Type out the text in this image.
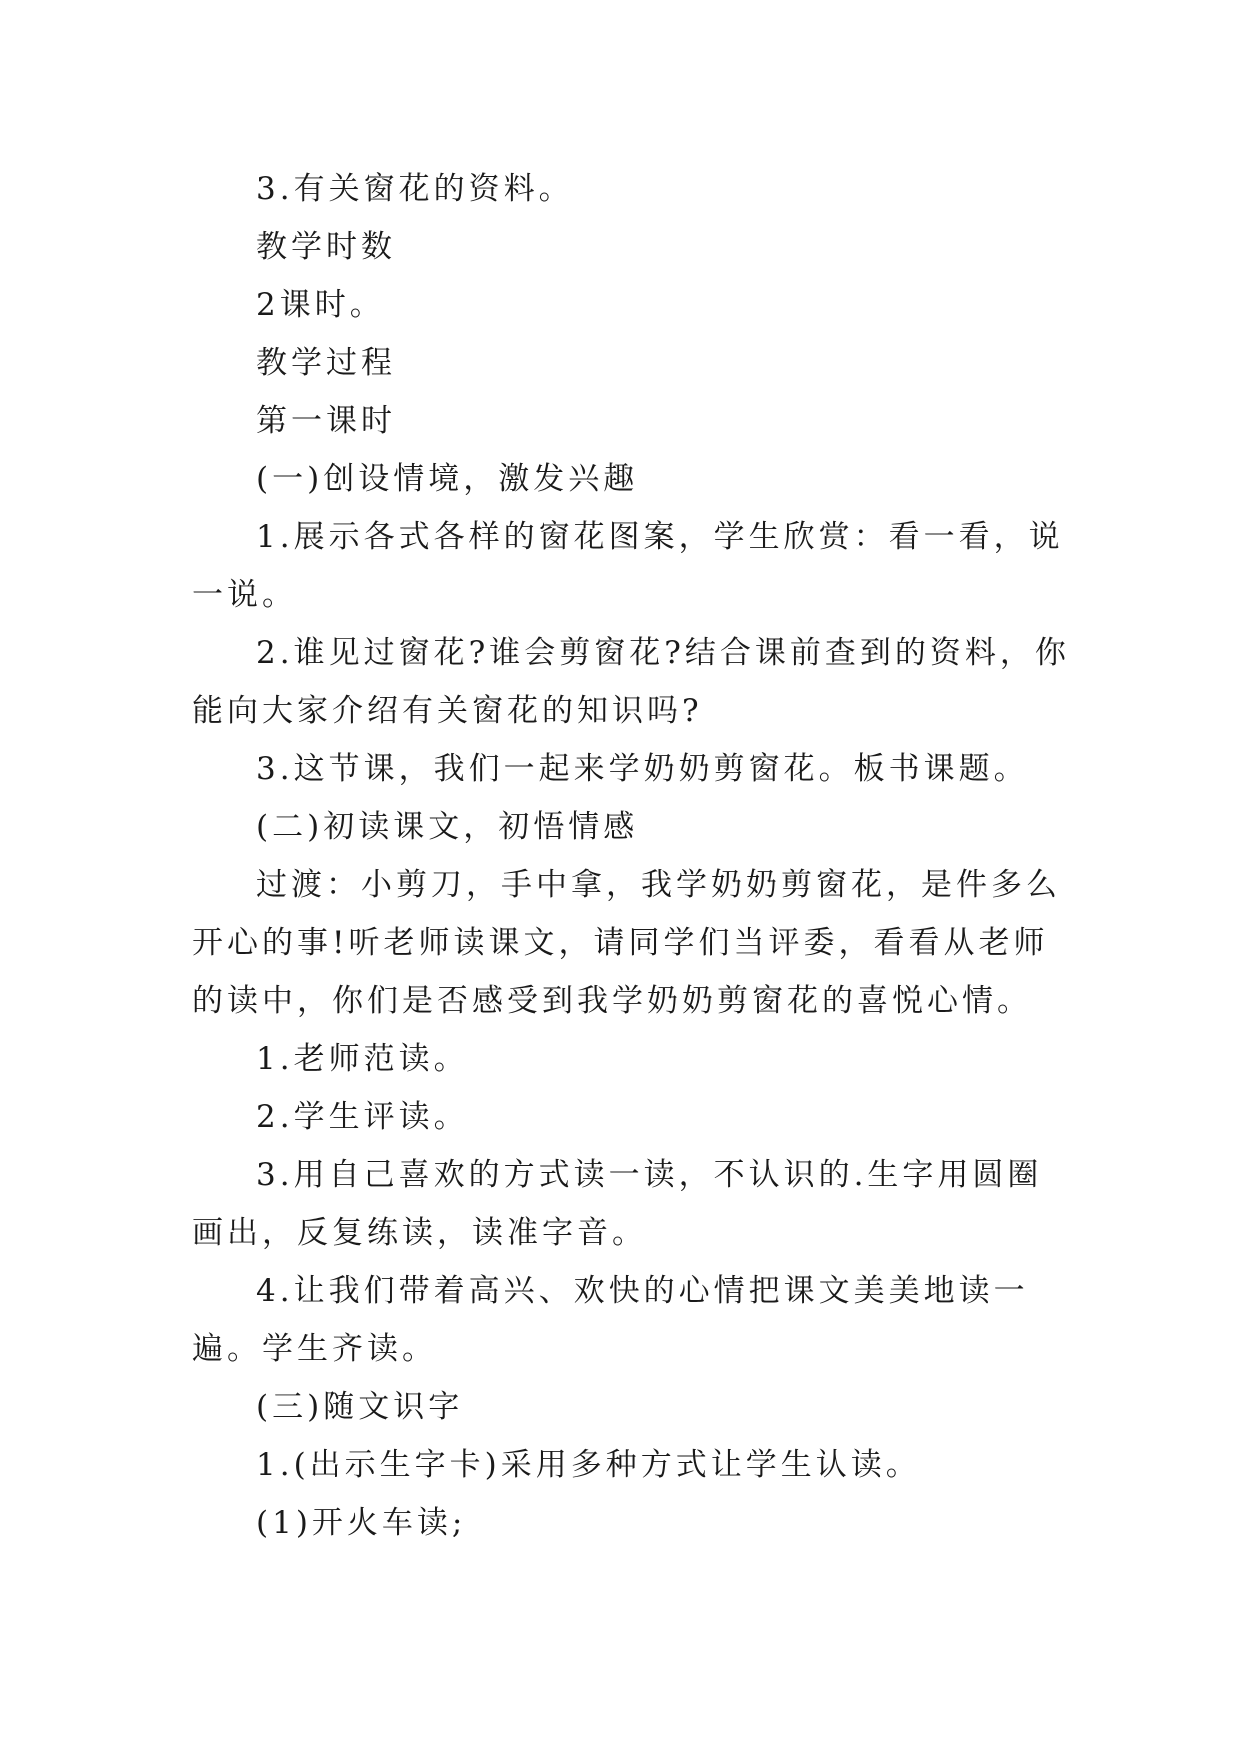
3.有关窗花的资料。

教学时数

2课时。

教学过程

第一课时

(一)创设情境，激发兴趣

1.展示各式各样的窗花图案，学生欣赏：看一看，说一说。

2.谁见过窗花?谁会剪窗花?结合课前查到的资料，你能向大家介绍有关窗花的知识吗?

3.这节课，我们一起来学奶奶剪窗花。板书课题。

(二)初读课文，初悟情感

过渡：小剪刀，手中拿，我学奶奶剪窗花，是件多么开心的事!听老师读课文，请同学们当评委，看看从老师的读中，你们是否感受到我学奶奶剪窗花的喜悦心情。

1.老师范读。

2.学生评读。

3.用自己喜欢的方式读一读，不认识的.生字用圆圈画出，反复练读，读准字音。

4.让我们带着高兴、欢快的心情把课文美美地读一遍。学生齐读。

(三)随文识字

1.(出示生字卡)采用多种方式让学生认读。

(1)开火车读;
